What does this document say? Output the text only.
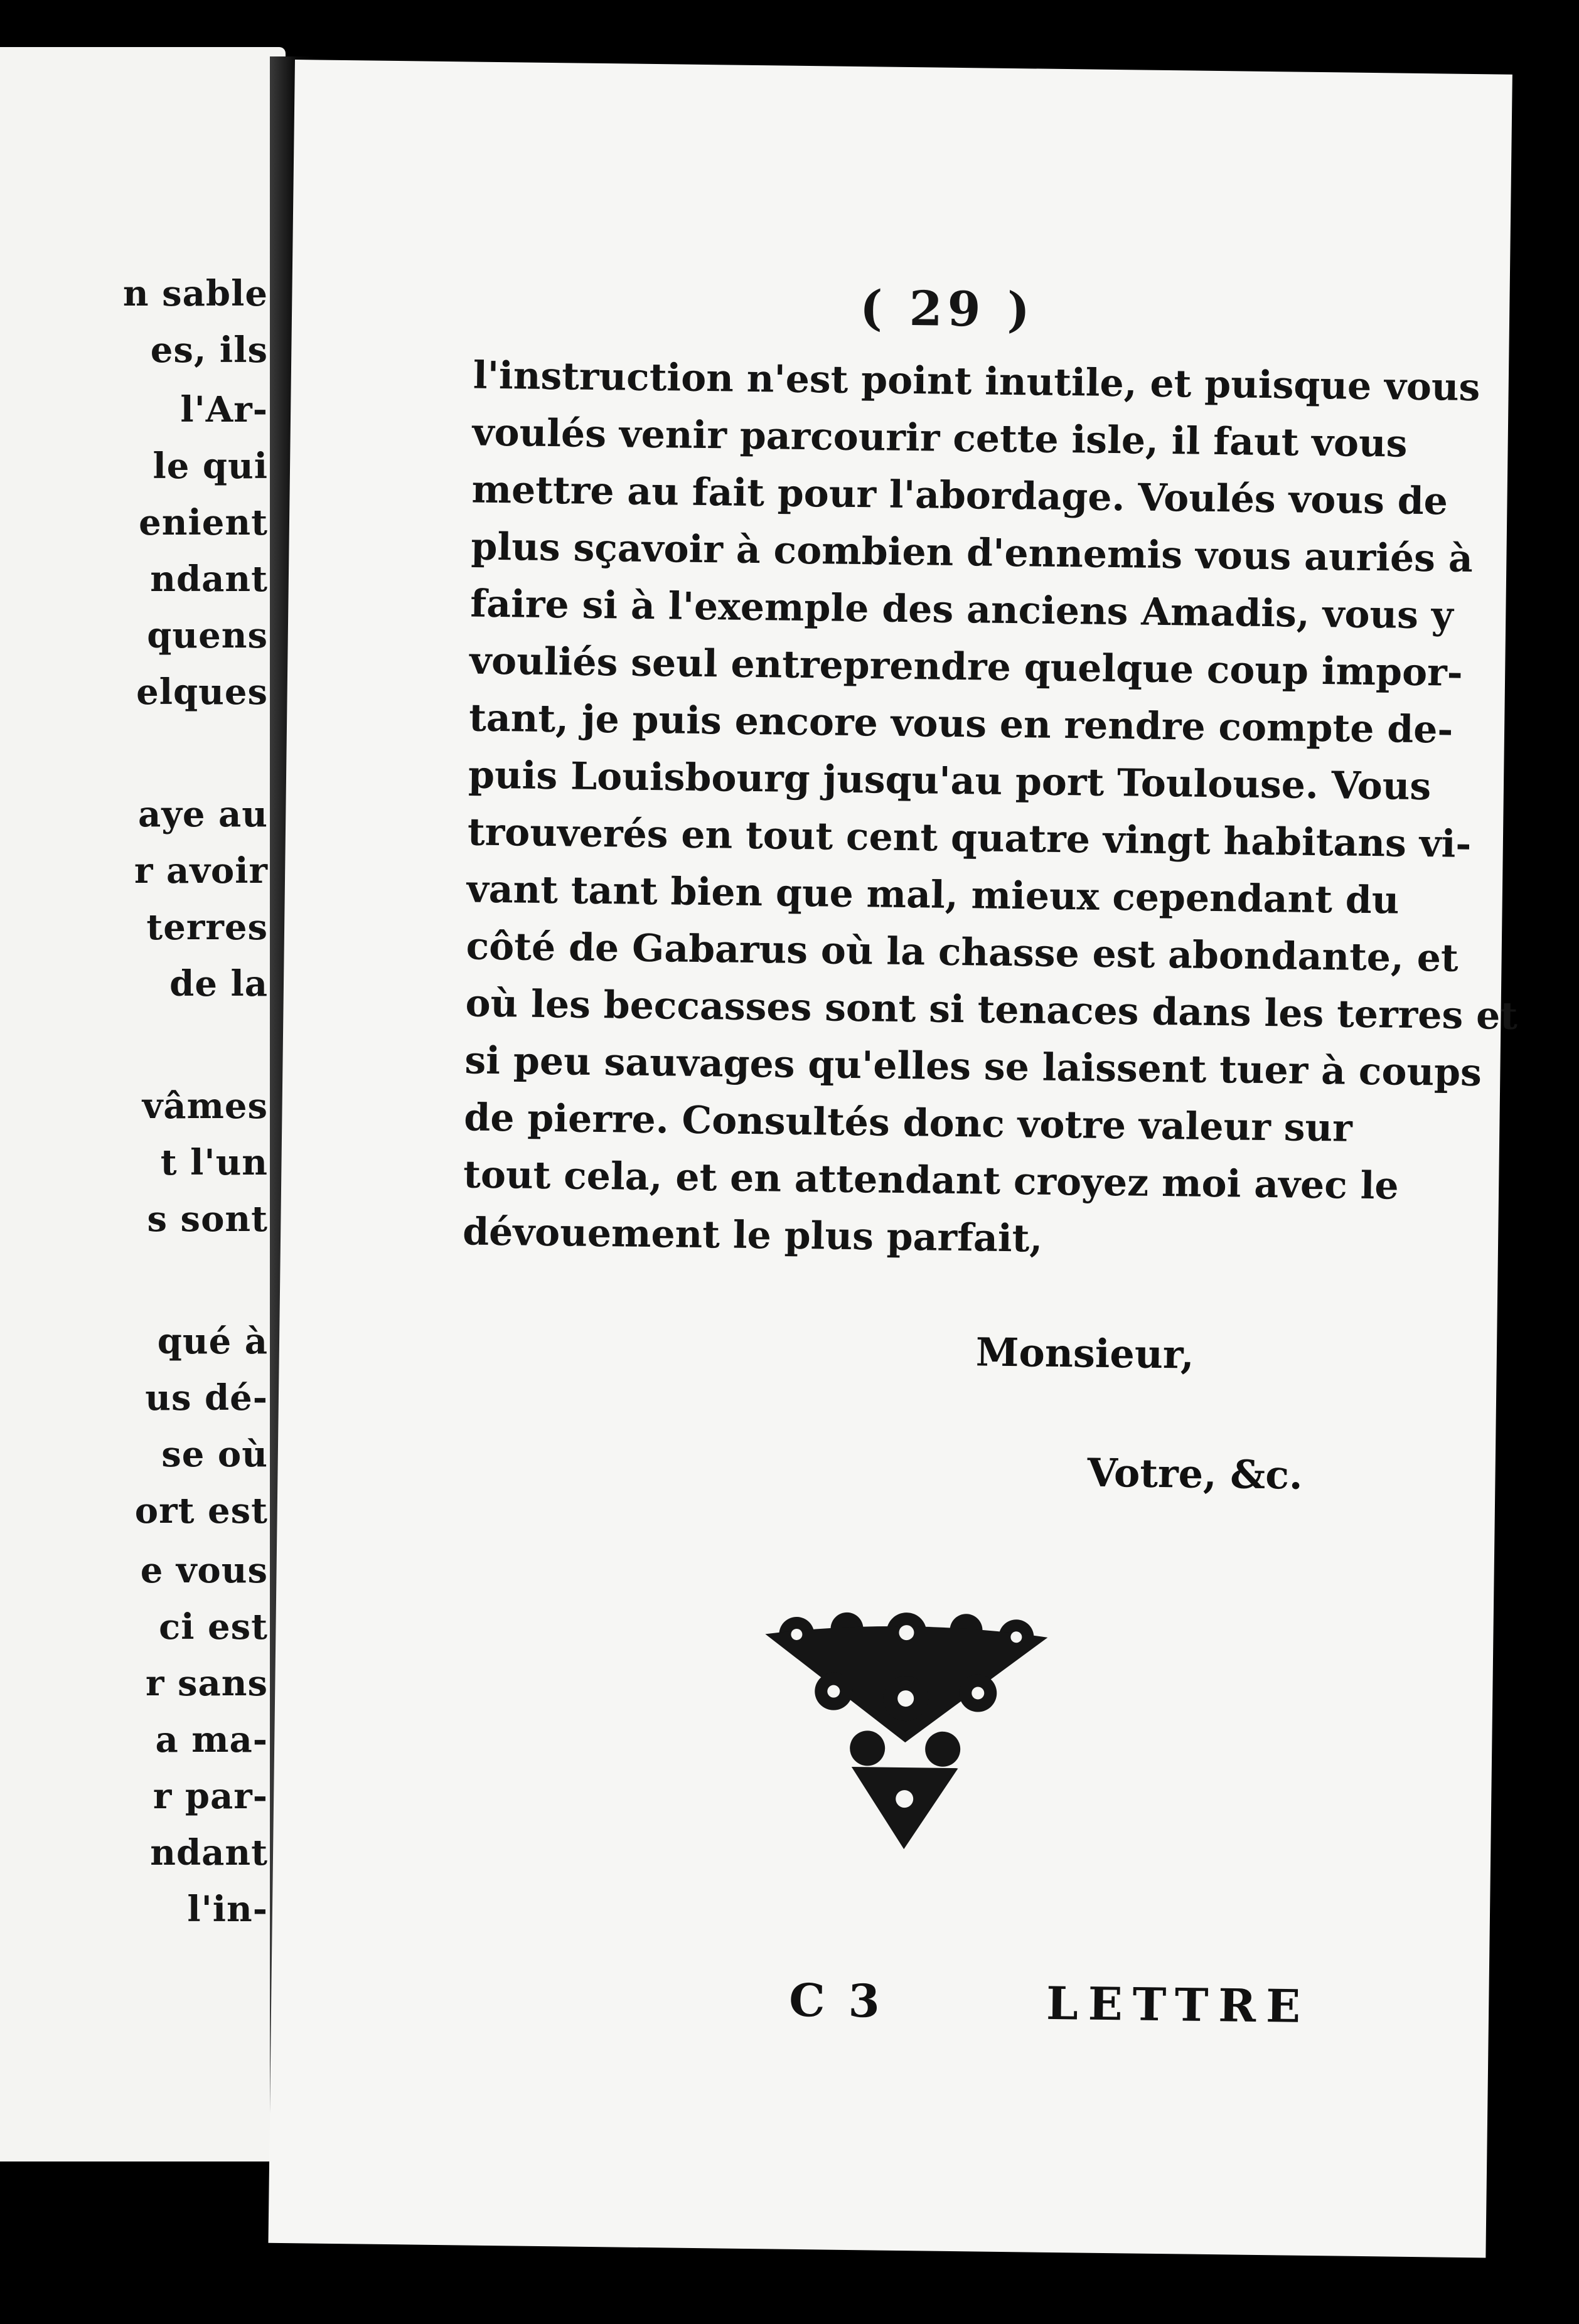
n sable
es, ils
l'Ar-
le qui
enient
ndant
quens
elques
aye au
r avoir
terres
de la
vâmes
t l'un
s sont
qué à
us dé-
se où
ort est
e vous
ci est
r sans
a ma-
r par-
ndant
l'in-
( 29 )
l'instruction n'est point inutile, et puisque vous
voulés venir parcourir cette isle, il faut vous
mettre au fait pour l'abordage. Voulés vous de
plus sçavoir à combien d'ennemis vous auriés à
faire si à l'exemple des anciens Amadis, vous y
vouliés seul entreprendre quelque coup impor-
tant, je puis encore vous en rendre compte de-
puis Louisbourg jusqu'au port Toulouse. Vous
trouverés en tout cent quatre vingt habitans vi-
vant tant bien que mal, mieux cependant du
côté de Gabarus où la chasse est abondante, et
où les beccasses sont si tenaces dans les terres et
si peu sauvages qu'elles se laissent tuer à coups
de pierre. Consultés donc votre valeur sur
tout cela, et en attendant croyez moi avec le
dévouement le plus parfait,
Monsieur,
Votre, &c.
C 3	LETTRE
